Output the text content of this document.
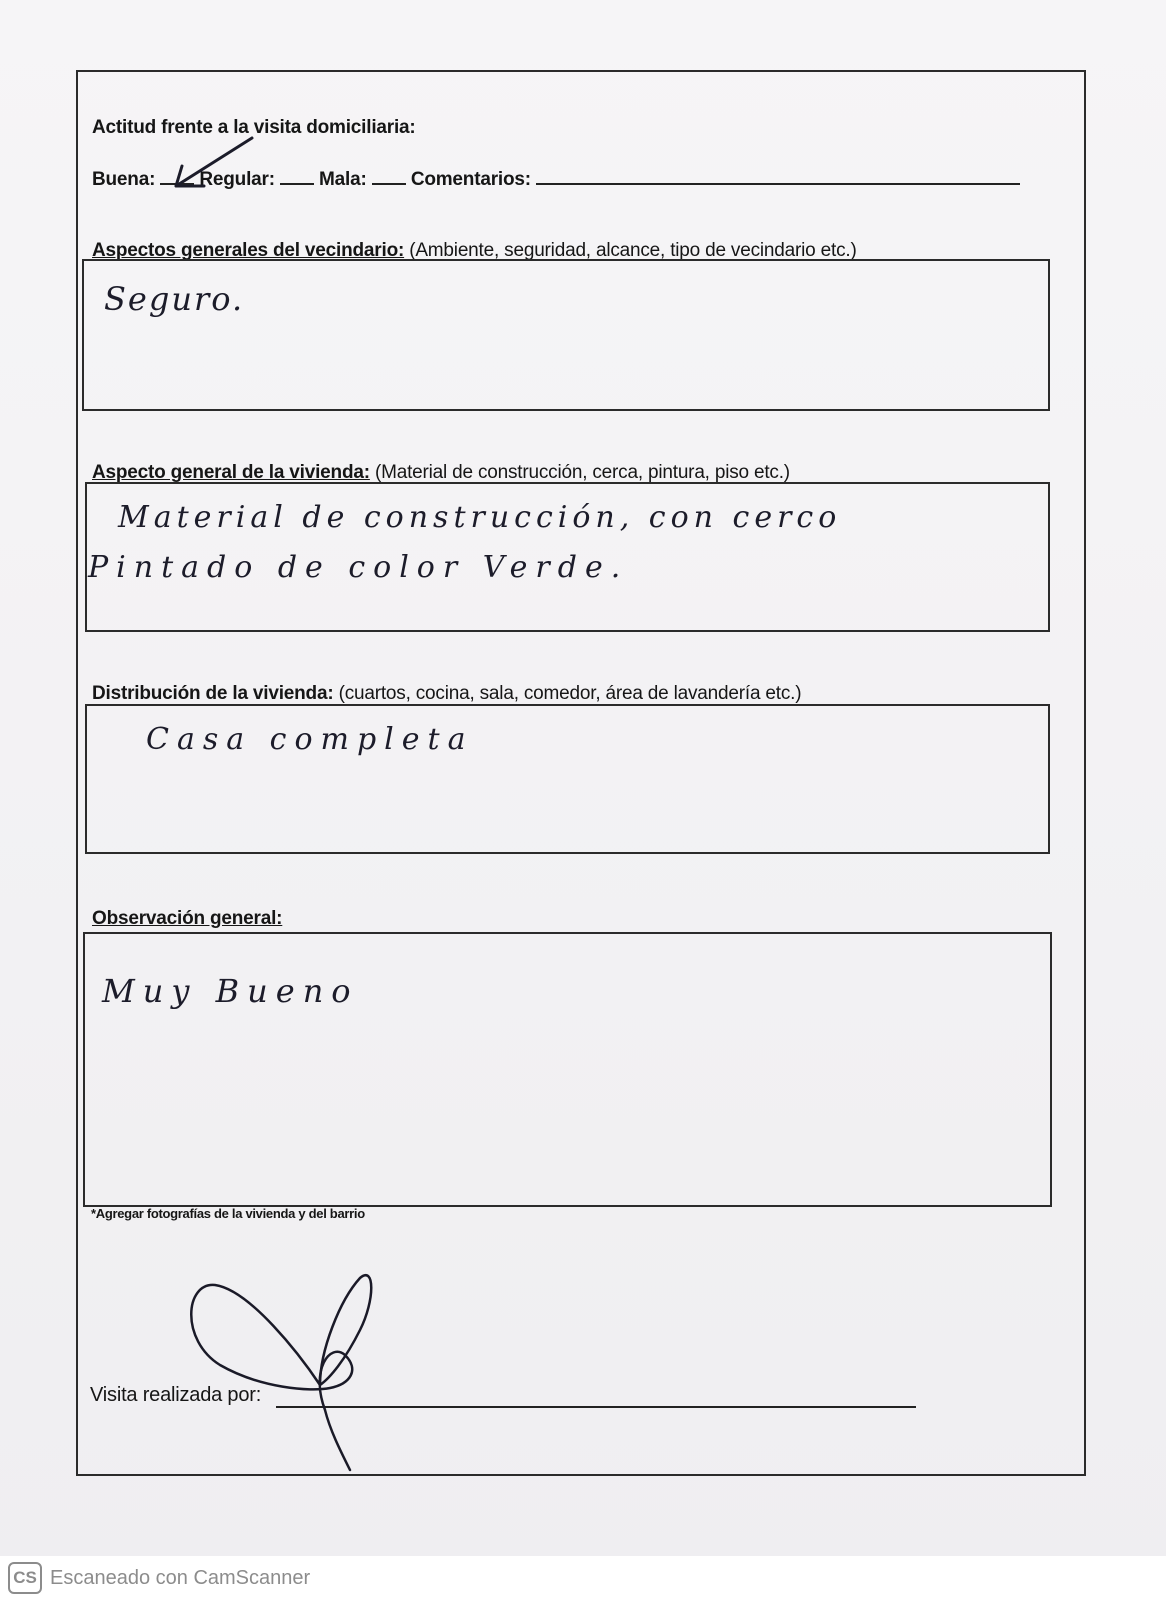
Actitud frente a la visita domiciliaria:
Buena: Regular: Mala: Comentarios:
Aspectos generales del vecindario: (Ambiente, seguridad, alcance, tipo de vecindario etc.)
Seguro.
Aspecto general de la vivienda: (Material de construcción, cerca, pintura, piso etc.)
Material de construcción, con cerco
Pintado de color Verde.
Distribución de la vivienda: (cuartos, cocina, sala, comedor, área de lavandería etc.)
Casa completa
Observación general:
Muy Bueno
*Agregar fotografías de la vivienda y del barrio
Visita realizada por:
CS Escaneado con CamScanner
